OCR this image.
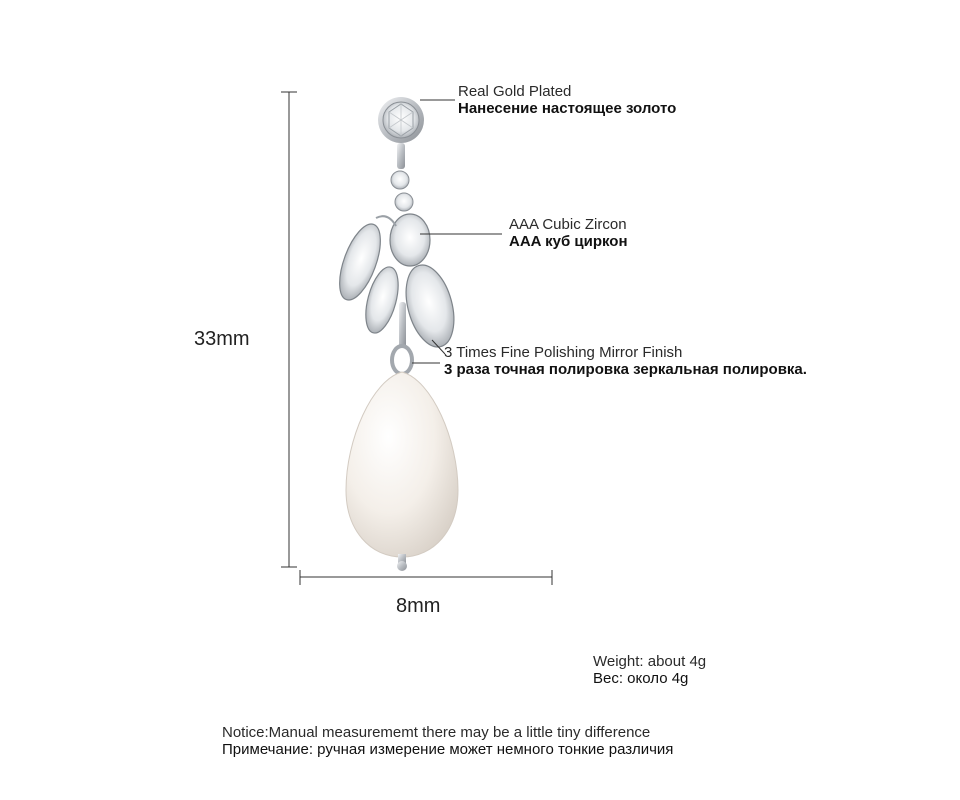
33mm
8mm
Real Gold Plated
Нанесение настоящее золото
AAA Cubic Zircon
AAA куб циркон
3 Times Fine Polishing Mirror Finish
3 раза точная полировка зеркальная полировка.
Weight: about 4g
Вес: около 4g
Notice:Manual measurememt there may be a little tiny difference
Примечание: ручная измерение может немного тонкие различия
